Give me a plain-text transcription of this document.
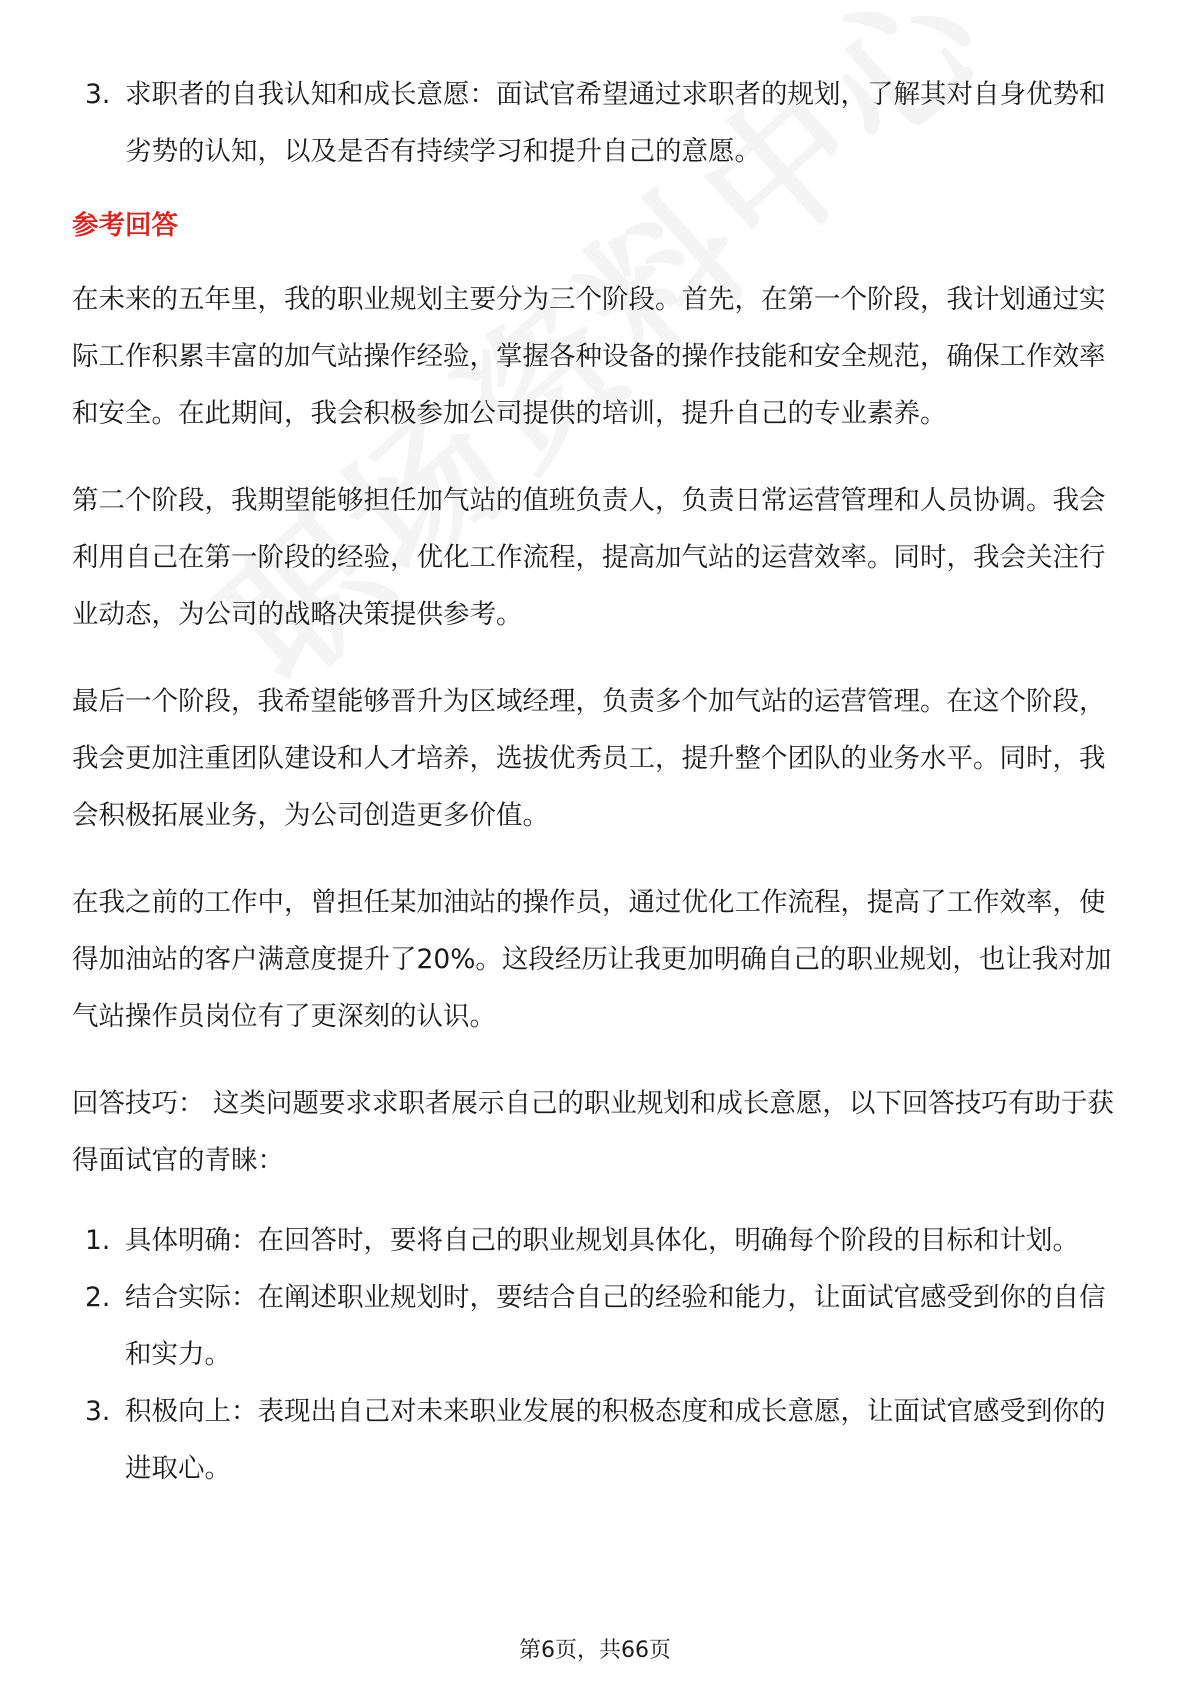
3. 求职者的自我认知和成长意愿：面试官希望通过求职者的规划，了解其对自身优势和劣势的认知，以及是否有持续学习和提升自己的意愿。
参考回答
在未来的五年里，我的职业规划主要分为三个阶段。首先，在第一个阶段，我计划通过实际工作积累丰富的加气站操作经验，掌握各种设备的操作技能和安全规范，确保工作效率和安全。在此期间，我会积极参加公司提供的培训，提升自己的专业素养。
第二个阶段，我期望能够担任加气站的值班负责人，负责日常运营管理和人员协调。我会利用自己在第一阶段的经验，优化工作流程，提高加气站的运营效率。同时，我会关注行业动态，为公司的战略决策提供参考。
最后一个阶段，我希望能够晋升为区域经理，负责多个加气站的运营管理。在这个阶段，我会更加注重团队建设和人才培养，选拔优秀员工，提升整个团队的业务水平。同时，我会积极拓展业务，为公司创造更多价值。
在我之前的工作中，曾担任某加油站的操作员，通过优化工作流程，提高了工作效率，使得加油站的客户满意度提升了20%。这段经历让我更加明确自己的职业规划，也让我对加气站操作员岗位有了更深刻的认识。
回答技巧： 这类问题要求求职者展示自己的职业规划和成长意愿，以下回答技巧有助于获得面试官的青睐：
1. 具体明确：在回答时，要将自己的职业规划具体化，明确每个阶段的目标和计划。
2. 结合实际：在阐述职业规划时，要结合自己的经验和能力，让面试官感受到你的自信和实力。
3. 积极向上：表现出自己对未来职业发展的积极态度和成长意愿，让面试官感受到你的进取心。
第6页，共66页
